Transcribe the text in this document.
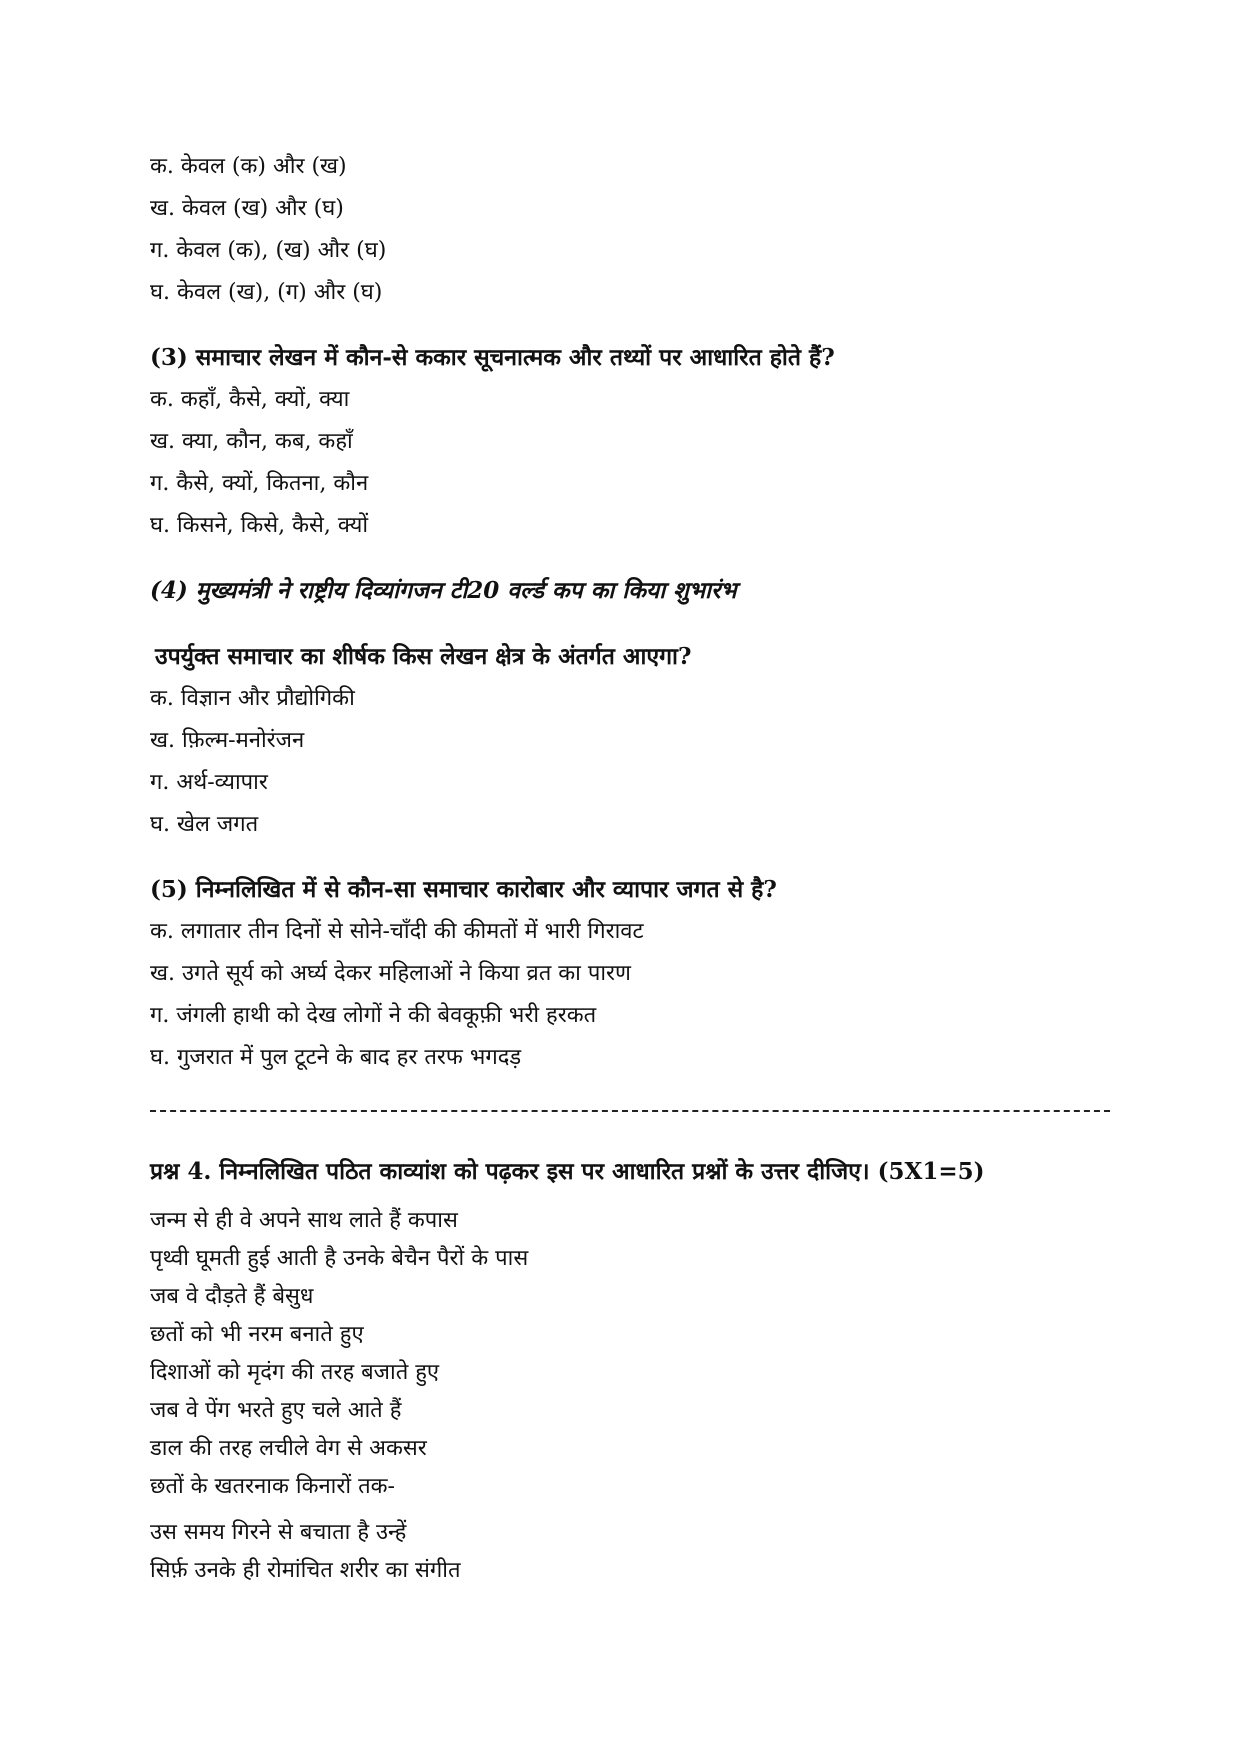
क. केवल (क) और (ख)
ख. केवल (ख) और (घ)
ग. केवल (क), (ख) और (घ)
घ. केवल (ख), (ग) और (घ)
(3) समाचार लेखन में कौन-से ककार सूचनात्मक और तथ्यों पर आधारित होते हैं?
क. कहाँ, कैसे, क्यों, क्या
ख. क्या, कौन, कब, कहाँ
ग. कैसे, क्यों, कितना, कौन
घ. किसने, किसे, कैसे, क्यों
(4) मुख्यमंत्री ने राष्ट्रीय दिव्यांगजन टी20 वर्ल्ड कप का किया शुभारंभ
उपर्युक्त समाचार का शीर्षक किस लेखन क्षेत्र के अंतर्गत आएगा?
क. विज्ञान और प्रौद्योगिकी
ख. फ़िल्म-मनोरंजन
ग. अर्थ-व्यापार
घ. खेल जगत
(5) निम्नलिखित में से कौन-सा समाचार कारोबार और व्यापार जगत से है?
क. लगातार तीन दिनों से सोने-चाँदी की कीमतों में भारी गिरावट
ख. उगते सूर्य को अर्घ्य देकर महिलाओं ने किया व्रत का पारण
ग. जंगली हाथी को देख लोगों ने की बेवकूफ़ी भरी हरकत
घ. गुजरात में पुल टूटने के बाद हर तरफ भगदड़
प्रश्न 4. निम्नलिखित पठित काव्यांश को पढ़कर इस पर आधारित प्रश्नों के उत्तर दीजिए। (5X1=5)
जन्म से ही वे अपने साथ लाते हैं कपास
पृथ्वी घूमती हुई आती है उनके बेचैन पैरों के पास
जब वे दौड़ते हैं बेसुध
छतों को भी नरम बनाते हुए
दिशाओं को मृदंग की तरह बजाते हुए
जब वे पेंग भरते हुए चले आते हैं
डाल की तरह लचीले वेग से अकसर
छतों के खतरनाक किनारों तक-
उस समय गिरने से बचाता है उन्हें
सिर्फ़ उनके ही रोमांचित शरीर का संगीत
